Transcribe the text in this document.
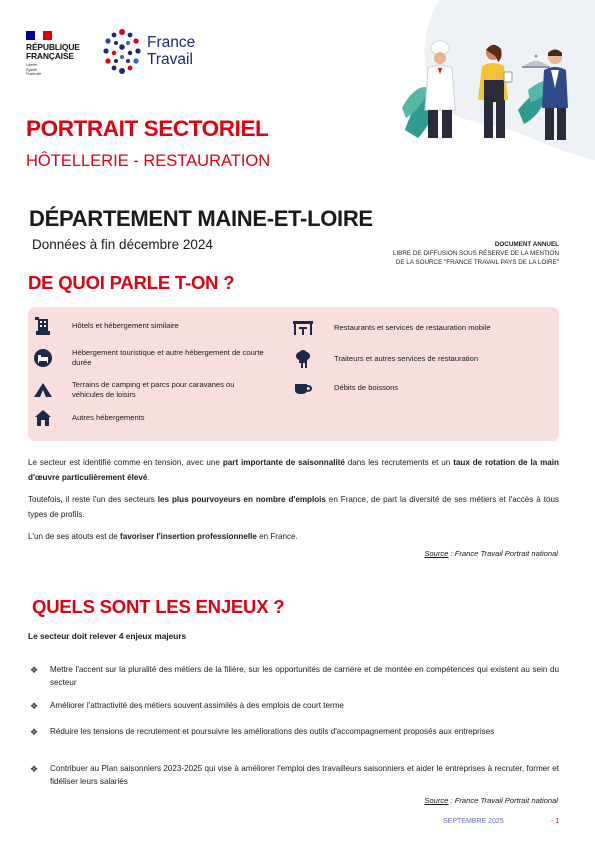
RÉPUBLIQUE
FRANÇAISE
Liberté
Égalité
Fraternité
France
Travail
PORTRAIT SECTORIEL
HÔTELLERIE - RESTAURATION
DÉPARTEMENT MAINE-ET-LOIRE
Données à fin décembre 2024	DOCUMENT ANNUEL
LIBRE DE DIFFUSION SOUS RÉSERVE DE LA MENTION
DE LA SOURCE "FRANCE TRAVAIL PAYS DE LA LOIRE"
DE QUOI PARLE T-ON ?
Hôtels et hébergement similaire
Hébergement touristique et autre hébergement de courte durée
Terrains de camping et parcs pour caravanes ou véhicules de loisirs
Autres hébergements
Restaurants et services de restauration mobile
Traiteurs et autres services de restauration
Débits de boissons

Le secteur est identifié comme en tension, avec une part importante de saisonnalité dans les recrutements et un taux de rotation de la main d'œuvre particulièrement élevé.

Toutefois, il reste l'un des secteurs les plus pourvoyeurs en nombre d'emplois en France, de part la diversité de ses métiers et l'accès à tous types de profils.

L'un de ses atouts est de favoriser l'insertion professionnelle en France.

Source : France Travail Portrait national
QUELS SONT LES ENJEUX ?
Le secteur doit relever 4 enjeux majeurs
❖	Mettre l'accent sur la pluralité des métiers de la filière, sur les opportunités de carrière et de montée en compétences qui existent au sein du secteur
❖	Améliorer l'attractivité des métiers souvent assimilés à des emplois de court terme
❖	Réduire les tensions de recrutement et poursuivre les améliorations des outils d'accompagnement proposés aux entreprises
❖	Contribuer au Plan saisonniers 2023-2025 qui vise à améliorer l'emploi des travailleurs saisonniers et aider le entreprises à recruter, former et fidéliser leurs salariés
Source : France Travail Portrait national
SEPTEMBRE 2025	- 1
